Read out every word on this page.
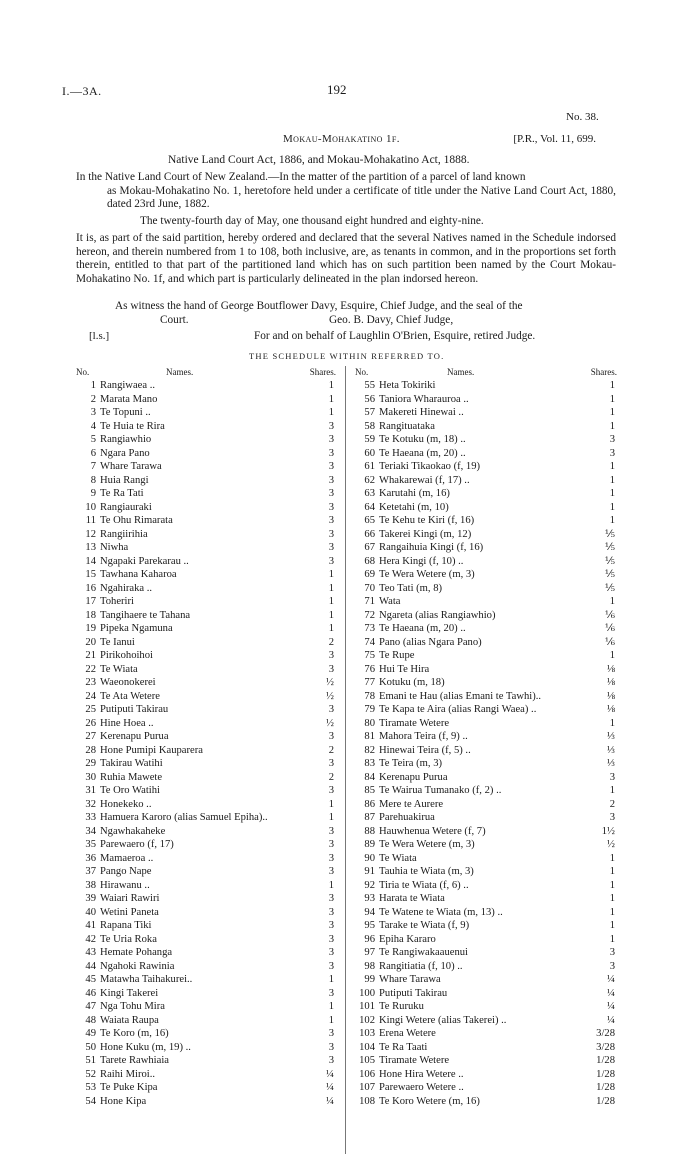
I.—3A.	192
No. 38.
Mokau-Mohakatino 1f.	[P.R., Vol. 11, 699.
Native Land Court Act, 1886, and Mokau-Mohakatino Act, 1888.
In the Native Land Court of New Zealand.—In the matter of the partition of a parcel of land known
as Mokau-Mohakatino No. 1, heretofore held under a certificate of title under the Native Land Court Act, 1880, dated 23rd June, 1882.
The twenty-fourth day of May, one thousand eight hundred and eighty-nine.
It is, as part of the said partition, hereby ordered and declared that the several Natives named in the Schedule indorsed hereon, and therein numbered from 1 to 108, both inclusive, are, as tenants in common, and in the proportions set forth therein, entitled to that part of the partitioned land which has on such partition been named by the Court Mokau-Mohakatino No. 1f, and which part is particularly delineated in the plan indorsed hereon.
As witness the hand of George Boutflower Davy, Esquire, Chief Judge, and the seal of the
Court.	Geo. B. Davy, Chief Judge,
[l.s.]	For and on behalf of Laughlin O'Brien, Esquire, retired Judge.
THE SCHEDULE WITHIN REFERRED TO.
No.	Names.	Shares.
1 Rangiwaea ..	1
2 Marata Mano	1
3 Te Topuni ..	1
4 Te Huia te Rira	3
5 Rangiawhio	3
6 Ngara Pano	3
7 Whare Tarawa	3
8 Huia Rangi	3
9 Te Ra Tati	3
10 Rangiauraki	3
11 Te Ohu Rimarata	3
12 Rangiirihia	3
13 Niwha	3
14 Ngapaki Parekarau ..	3
15 Tawhana Kaharoa	1
16 Ngahiraka ..	1
17 Toheriri	1
18 Tangihaere te Tahana	1
19 Pipeka Ngamuna	1
20 Te Ianui	2
21 Pirikohoihoi	3
22 Te Wiata	3
23 Waeonokerei	½
24 Te Ata Wetere	½
25 Putiputi Takirau	3
26 Hine Hoea ..	½
27 Kerenapu Purua	3
28 Hone Pumipi Kauparera	2
29 Takirau Watihi	3
30 Ruhia Mawete	2
31 Te Oro Watihi	3
32 Honekeko ..	1
33 Hamuera Karoro (alias Samuel Epiha)..	1
34 Ngawhakaheke	3
35 Parewaero (f, 17)	3
36 Mamaeroa ..	3
37 Pango Nape	3
38 Hirawanu ..	1
39 Waiari Rawiri	3
40 Wetini Paneta	3
41 Rapana Tiki	3
42 Te Uria Roka	3
43 Hemate Pohanga	3
44 Ngahoki Rawinia	3
45 Matawha Taihakurei..	1
46 Kingi Takerei	3
47 Nga Tohu Mira	1
48 Waiata Raupa	1
49 Te Koro (m, 16)	3
50 Hone Kuku (m, 19) ..	3
51 Tarete Rawhiaia	3
52 Raihi Miroi..	¼
53 Te Puke Kipa	¼
54 Hone Kipa	¼
No.	Names.	Shares.
55 Heta Tokiriki	1
56 Taniora Wharauroa ..	1
57 Makereti Hinewai ..	1
58 Rangituataka	1
59 Te Kotuku (m, 18) ..	3
60 Te Haeana (m, 20) ..	3
61 Teriaki Tikaokao (f, 19)	1
62 Whakarewai (f, 17) ..	1
63 Karutahi (m, 16)	1
64 Ketetahi (m, 10)	1
65 Te Kehu te Kiri (f, 16)	1
66 Takerei Kingi (m, 12)	⅕
67 Rangaihuia Kingi (f, 16)	⅕
68 Hera Kingi (f, 10) ..	⅕
69 Te Wera Wetere (m, 3)	⅕
70 Teo Tati (m, 8)	⅕
71 Wata	1
72 Ngareta (alias Rangiawhio)	⅙
73 Te Haeana (m, 20) ..	⅙
74 Pano (alias Ngara Pano)	⅙
75 Te Rupe	1
76 Hui Te Hira	⅛
77 Kotuku (m, 18)	⅛
78 Emani te Hau (alias Emani te Tawhi)..	⅛
79 Te Kapa te Aira (alias Rangi Waea) ..	⅛
80 Tiramate Wetere	1
81 Mahora Teira (f, 9) ..	⅓
82 Hinewai Teira (f, 5) ..	⅓
83 Te Teira (m, 3)	⅓
84 Kerenapu Purua	3
85 Te Wairua Tumanako (f, 2) ..	1
86 Mere te Aurere	2
87 Parehuakirua	3
88 Hauwhenua Wetere (f, 7)	1½
89 Te Wera Wetere (m, 3)	½
90 Te Wiata	1
91 Tauhia te Wiata (m, 3)	1
92 Tiria te Wiata (f, 6) ..	1
93 Harata te Wiata	1
94 Te Watene te Wiata (m, 13) ..	1
95 Tarake te Wiata (f, 9)	1
96 Epiha Kararo	1
97 Te Rangiwakaauenui	3
98 Rangitiatia (f, 10) ..	3
99 Whare Tarawa	¼
100 Putiputi Takirau	¼
101 Te Ruruku	¼
102 Kingi Wetere (alias Takerei) ..	¼
103 Erena Wetere	3/28
104 Te Ra Taati	3/28
105 Tiramate Wetere	1/28
106 Hone Hira Wetere ..	1/28
107 Parewaero Wetere ..	1/28
108 Te Koro Wetere (m, 16)	1/28
